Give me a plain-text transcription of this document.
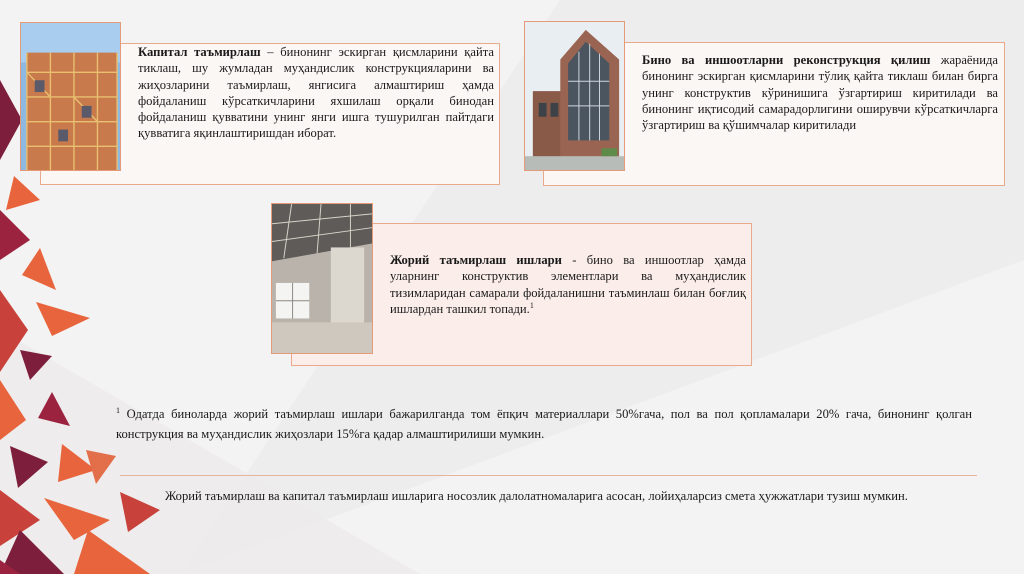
Капитал таъмирлаш – бинонинг эскирган қисмларини қайта тиклаш, шу жумладан муҳандислик конструкцияларини ва жиҳозларини таъмирлаш, янгисига алмаштириш ҳамда фойдаланиш кўрсаткичларини яхшилаш орқали бинодан фойдаланиш қувватини унинг янги ишга тушурилган пайтдаги қувватига яқинлаштиришдан иборат.
Бино ва иншоотларни реконструкция қилиш жараёнида бинонинг эскирган қисмларини тўлиқ қайта тиклаш билан бирга унинг конструктив кўринишига ўзгартириш киритилади ва бинонинг иқтисодий самарадорлигини оширувчи кўрсаткичларга ўзгартириш ва қўшимчалар киритилади
Жорий таъмирлаш ишлари - бино ва иншоотлар ҳамда уларнинг конструктив элементлари ва муҳандислик тизимларидан самарали фойдаланишни таъминлаш билан боғлиқ ишлардан ташкил топади.$^1$
$^1$ Одатда биноларда жорий таъмирлаш ишлари бажарилганда том ёпқич материаллари 50%гача, пол ва пол қопламалари 20% гача, бинонинг қолган конструкция ва муҳандислик жиҳозлари 15%га қадар алмаштирилиши мумкин.
Жорий таъмирлаш ва капитал таъмирлаш ишларига носозлик далолатномаларига асосан, лойиҳаларсиз смета ҳужжатлари тузиш мумкин.
